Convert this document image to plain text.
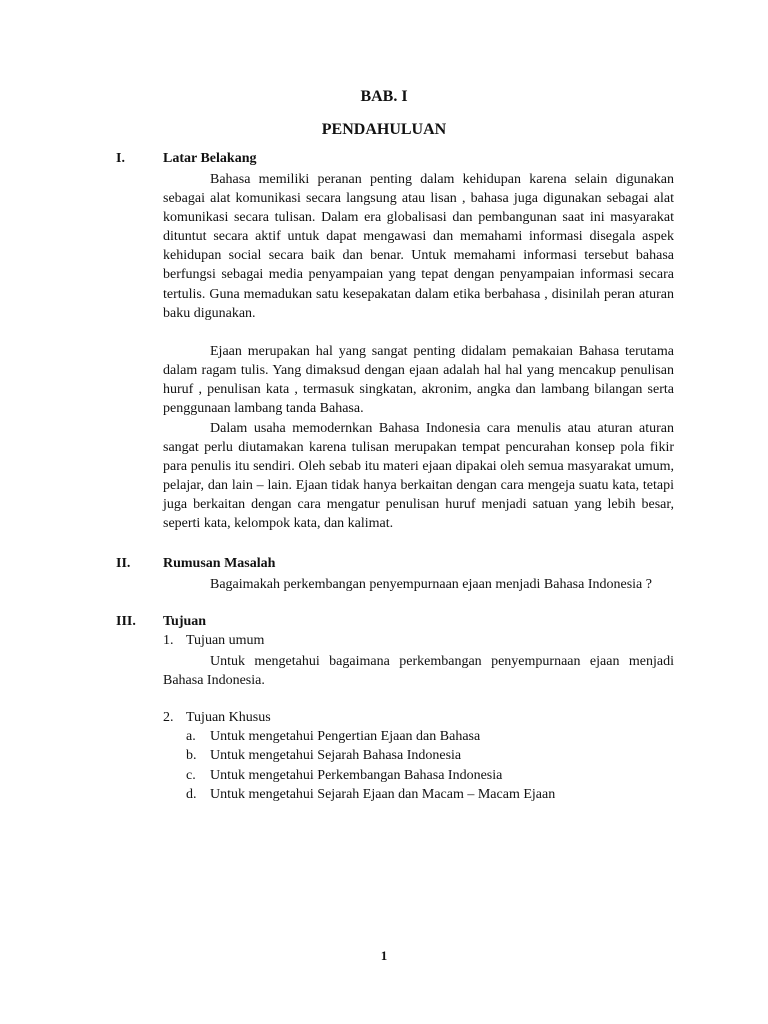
BAB. I
PENDAHULUAN
I.	Latar Belakang

Bahasa memiliki peranan penting dalam kehidupan karena selain digunakan sebagai alat komunikasi secara langsung atau lisan , bahasa juga digunakan sebagai alat komunikasi secara tulisan. Dalam era globalisasi dan pembangunan saat ini masyarakat dituntut secara aktif untuk dapat mengawasi dan memahami informasi disegala aspek kehidupan social secara baik dan benar. Untuk memahami informasi tersebut bahasa berfungsi sebagai media penyampaian yang tepat dengan penyampaian informasi secara tertulis. Guna memadukan satu kesepakatan dalam etika berbahasa , disinilah peran aturan baku digunakan.

Ejaan merupakan hal yang sangat penting didalam pemakaian Bahasa terutama dalam ragam tulis. Yang dimaksud dengan ejaan adalah hal hal yang mencakup penulisan huruf , penulisan kata , termasuk singkatan, akronim, angka dan lambang bilangan serta penggunaan lambang tanda Bahasa.

Dalam usaha memodernkan Bahasa Indonesia cara menulis atau aturan aturan sangat perlu diutamakan karena tulisan merupakan tempat pencurahan konsep pola fikir para penulis itu sendiri. Oleh sebab itu materi ejaan dipakai oleh semua masyarakat umum, pelajar, dan lain – lain. Ejaan tidak hanya berkaitan dengan cara mengeja suatu kata, tetapi juga berkaitan dengan cara mengatur penulisan huruf menjadi satuan yang lebih besar, seperti kata, kelompok kata, dan kalimat.

II. Rumusan Masalah

Bagaimakah perkembangan penyempurnaan ejaan menjadi Bahasa Indonesia ?

III. Tujuan
1. Tujuan umum

Untuk mengetahui bagaimana perkembangan penyempurnaan ejaan menjadi Bahasa Indonesia.

2. Tujuan Khusus
a. Untuk mengetahui Pengertian Ejaan dan Bahasa
b. Untuk mengetahui Sejarah Bahasa Indonesia
c. Untuk mengetahui Perkembangan Bahasa Indonesia
d. Untuk mengetahui Sejarah Ejaan dan Macam – Macam Ejaan
1
